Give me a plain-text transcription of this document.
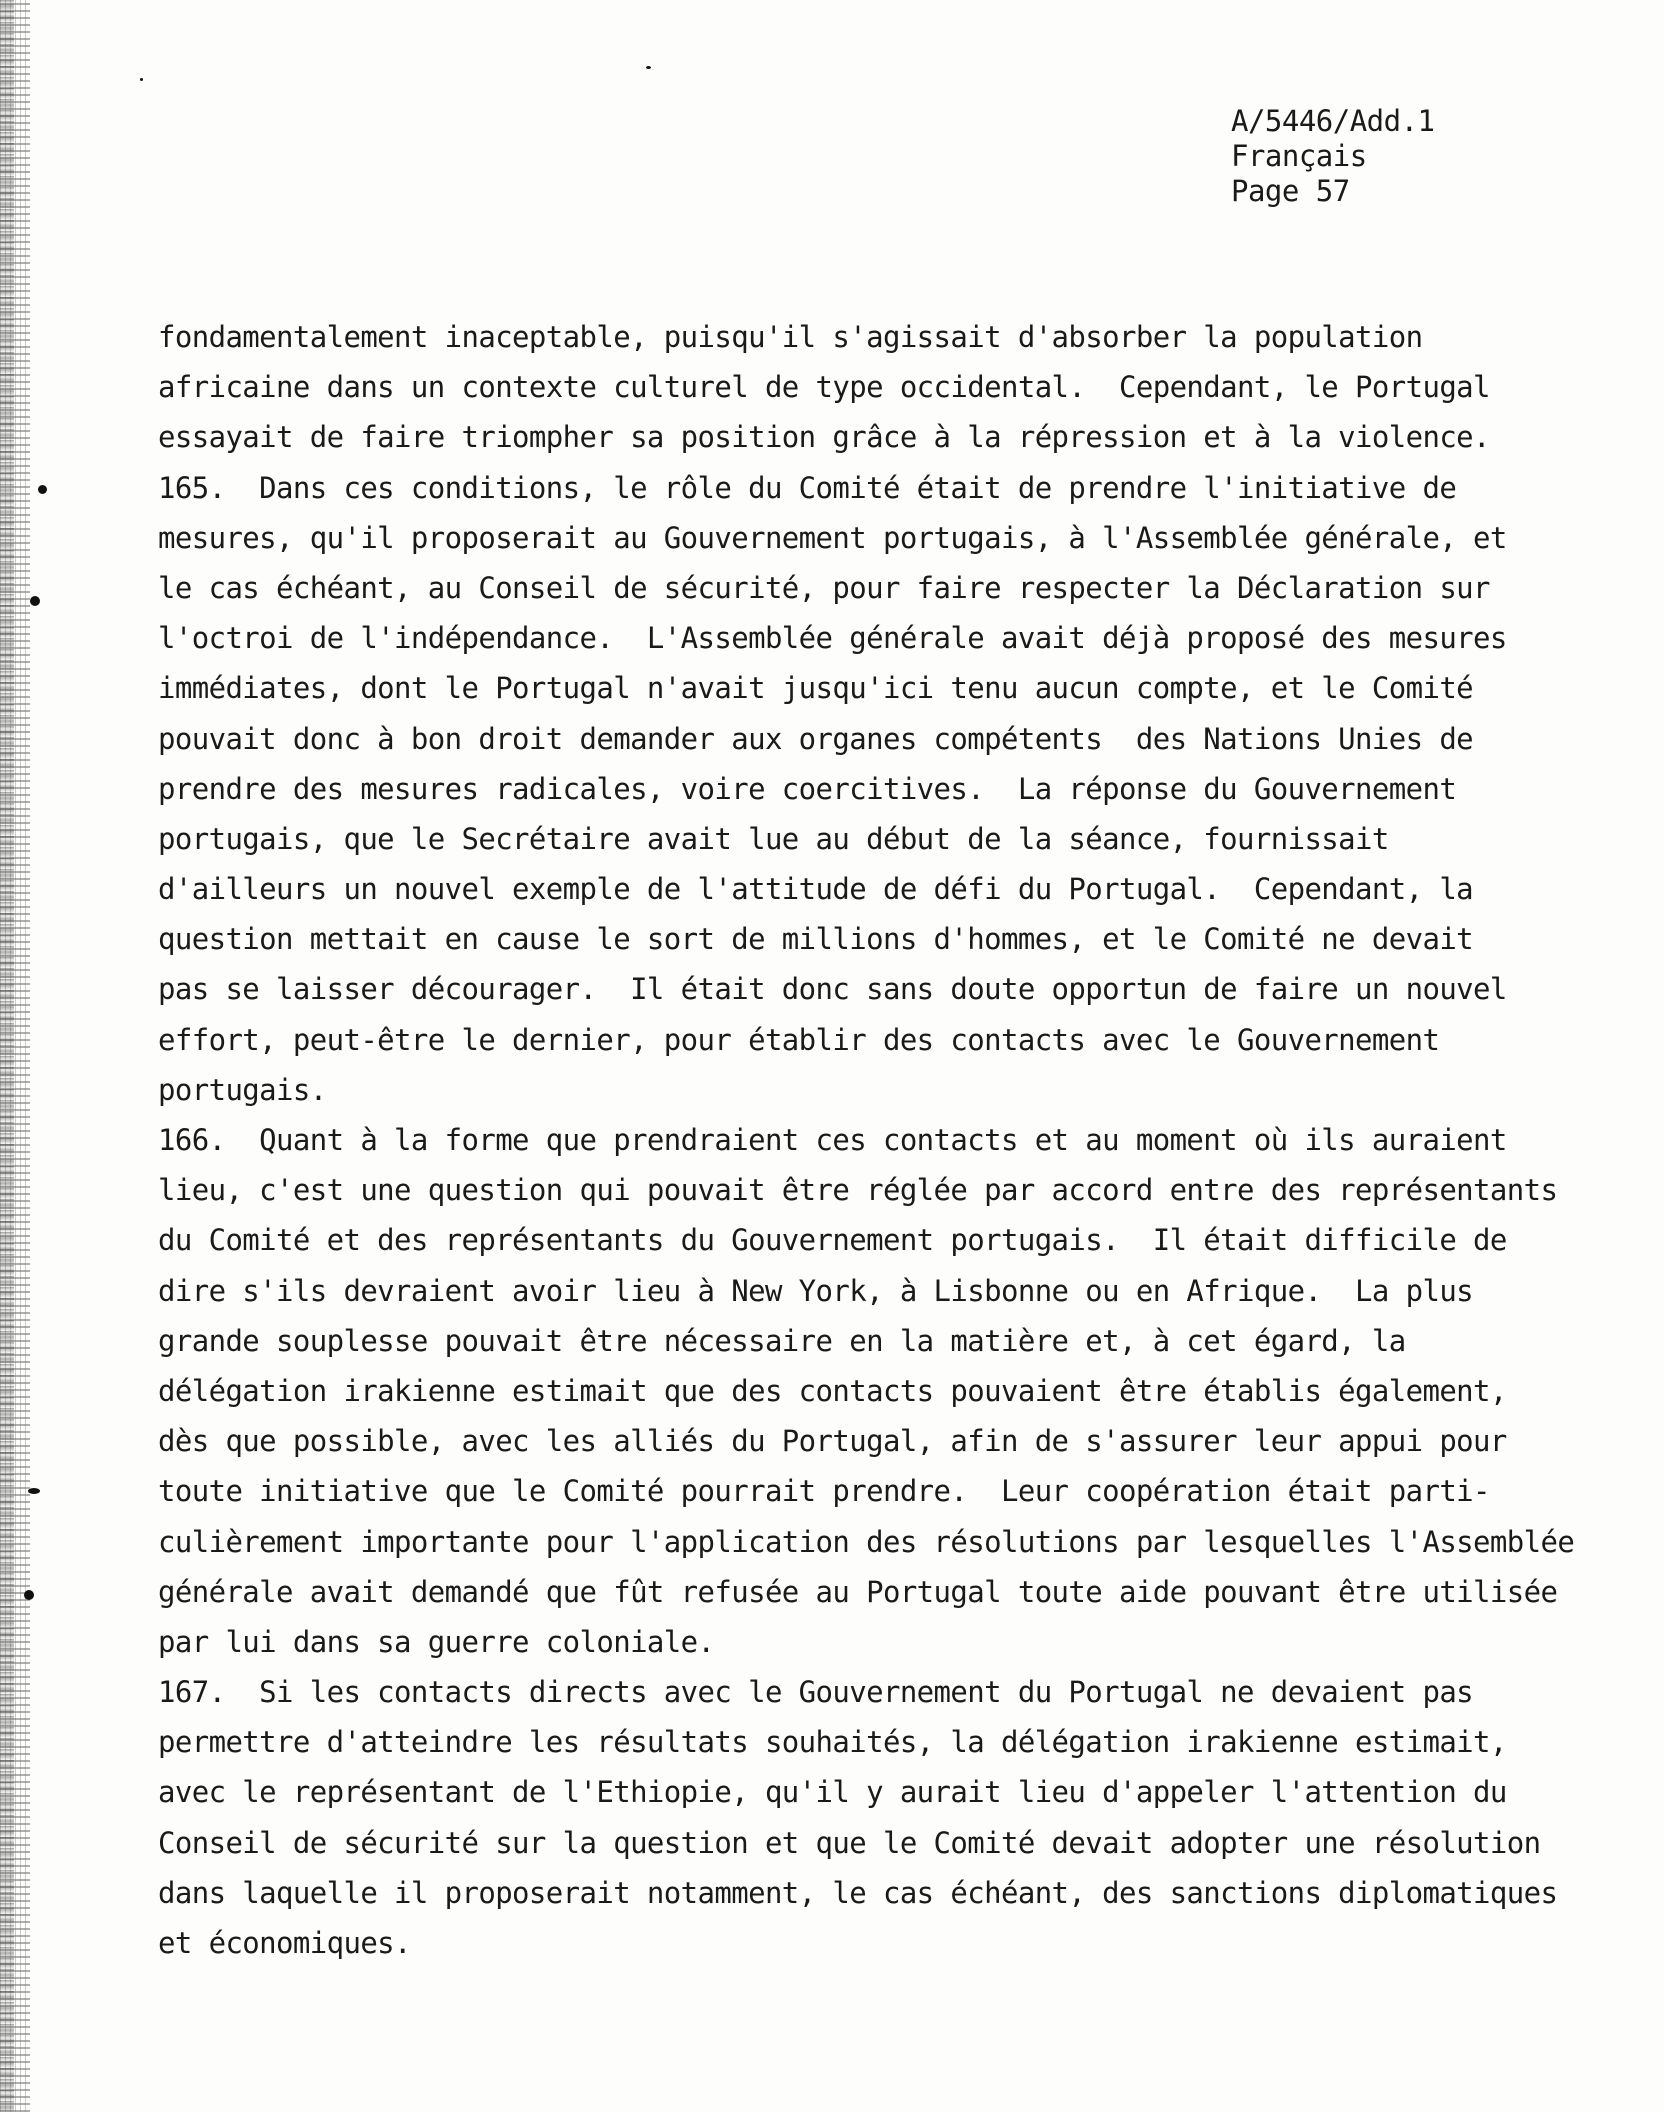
A/5446/Add.1
Français
Page 57
fondamentalement inaceptable, puisqu'il s'agissait d'absorber la population
africaine dans un contexte culturel de type occidental.  Cependant, le Portugal
essayait de faire triompher sa position grâce à la répression et à la violence.
165.  Dans ces conditions, le rôle du Comité était de prendre l'initiative de
mesures, qu'il proposerait au Gouvernement portugais, à l'Assemblée générale, et
le cas échéant, au Conseil de sécurité, pour faire respecter la Déclaration sur
l'octroi de l'indépendance.  L'Assemblée générale avait déjà proposé des mesures
immédiates, dont le Portugal n'avait jusqu'ici tenu aucun compte, et le Comité
pouvait donc à bon droit demander aux organes compétents  des Nations Unies de
prendre des mesures radicales, voire coercitives.  La réponse du Gouvernement
portugais, que le Secrétaire avait lue au début de la séance, fournissait
d'ailleurs un nouvel exemple de l'attitude de défi du Portugal.  Cependant, la
question mettait en cause le sort de millions d'hommes, et le Comité ne devait
pas se laisser décourager.  Il était donc sans doute opportun de faire un nouvel
effort, peut-être le dernier, pour établir des contacts avec le Gouvernement
portugais.
166.  Quant à la forme que prendraient ces contacts et au moment où ils auraient
lieu, c'est une question qui pouvait être réglée par accord entre des représentants
du Comité et des représentants du Gouvernement portugais.  Il était difficile de
dire s'ils devraient avoir lieu à New York, à Lisbonne ou en Afrique.  La plus
grande souplesse pouvait être nécessaire en la matière et, à cet égard, la
délégation irakienne estimait que des contacts pouvaient être établis également,
dès que possible, avec les alliés du Portugal, afin de s'assurer leur appui pour
toute initiative que le Comité pourrait prendre.  Leur coopération était parti-
culièrement importante pour l'application des résolutions par lesquelles l'Assemblée
générale avait demandé que fût refusée au Portugal toute aide pouvant être utilisée
par lui dans sa guerre coloniale.
167.  Si les contacts directs avec le Gouvernement du Portugal ne devaient pas
permettre d'atteindre les résultats souhaités, la délégation irakienne estimait,
avec le représentant de l'Ethiopie, qu'il y aurait lieu d'appeler l'attention du
Conseil de sécurité sur la question et que le Comité devait adopter une résolution
dans laquelle il proposerait notamment, le cas échéant, des sanctions diplomatiques
et économiques.
